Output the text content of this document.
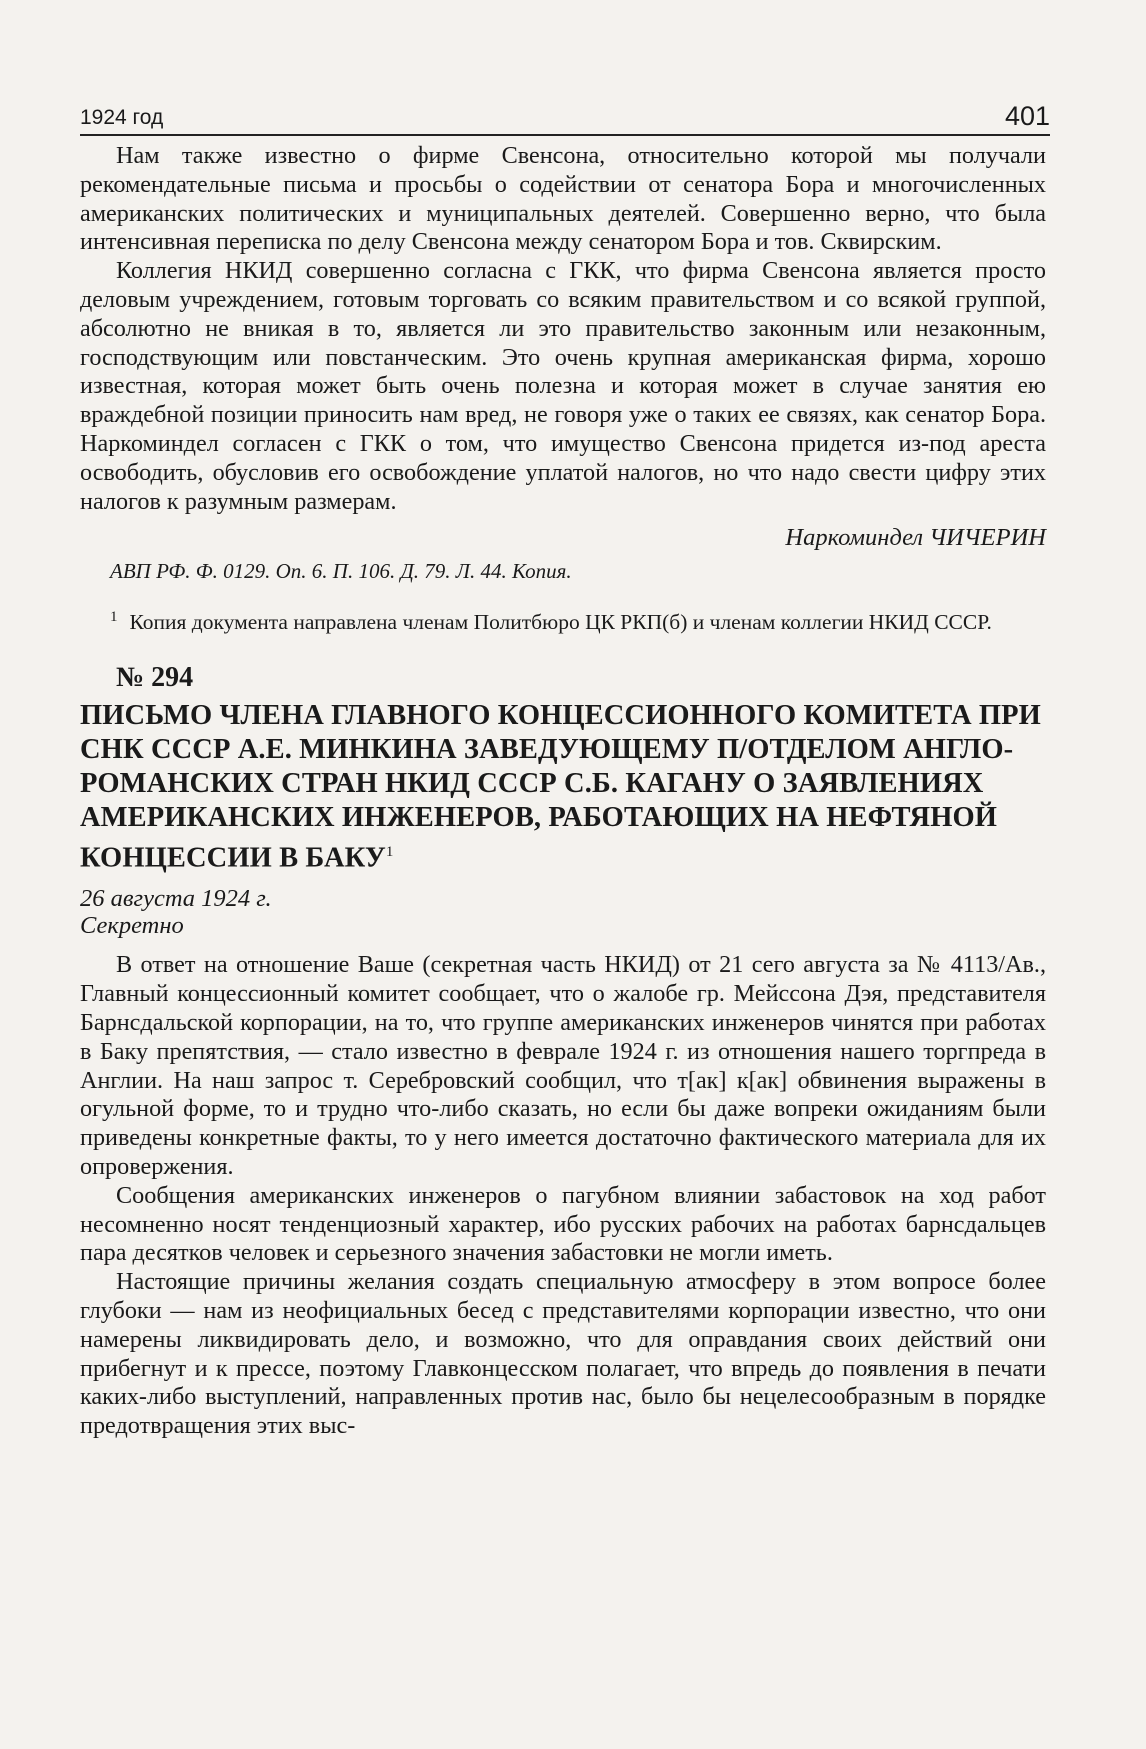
1924 год	401

Нам также известно о фирме Свенсона, относительно которой мы получали рекомендательные письма и просьбы о содействии от сенатора Бора и многочисленных американских политических и муниципальных деятелей. Совершенно верно, что была интенсивная переписка по делу Свенсона между сенатором Бора и тов. Сквирским.

Коллегия НКИД совершенно согласна с ГКК, что фирма Свенсона является просто деловым учреждением, готовым торговать со всяким правительством и со всякой группой, абсолютно не вникая в то, является ли это правительство законным или незаконным, господствующим или повстанческим. Это очень крупная американская фирма, хорошо известная, которая может быть очень полезна и которая может в случае занятия ею враждебной позиции приносить нам вред, не говоря уже о таких ее связях, как сенатор Бора. Наркоминдел согласен с ГКК о том, что имущество Свенсона придется из-под ареста освободить, обусловив его освобождение уплатой налогов, но что надо свести цифру этих налогов к разумным размерам.

Наркоминдел ЧИЧЕРИН
АВП РФ. Ф. 0129. Оп. 6. П. 106. Д. 79. Л. 44. Копия.
$^1$ Копия документа направлена членам Политбюро ЦК РКП(б) и членам коллегии НКИД СССР.
№ 294
ПИСЬМО ЧЛЕНА ГЛАВНОГО КОНЦЕССИОННОГО КОМИТЕТА ПРИ СНК СССР А.Е. МИНКИНА ЗАВЕДУЮЩЕМУ П/ОТДЕЛОМ АНГЛО-РОМАНСКИХ СТРАН НКИД СССР С.Б. КАГАНУ О ЗАЯВЛЕНИЯХ АМЕРИКАНСКИХ ИНЖЕНЕРОВ, РАБОТАЮЩИХ НА НЕФТЯНОЙ КОНЦЕССИИ В БАКУ$^1$
26 августа 1924 г.
Секретно

В ответ на отношение Ваше (секретная часть НКИД) от 21 сего августа за № 4113/Ав., Главный концессионный комитет сообщает, что о жалобе гр. Мейссона Дэя, представителя Барнсдальской корпорации, на то, что группе американских инженеров чинятся при работах в Баку препятствия, — стало известно в феврале 1924 г. из отношения нашего торгпреда в Англии. На наш запрос т. Серебровский сообщил, что т[ак] к[ак] обвинения выражены в огульной форме, то и трудно что-либо сказать, но если бы даже вопреки ожиданиям были приведены конкретные факты, то у него имеется достаточно фактического материала для их опровержения.

Сообщения американских инженеров о пагубном влиянии забастовок на ход работ несомненно носят тенденциозный характер, ибо русских рабочих на работах барнсдальцев пара десятков человек и серьезного значения забастовки не могли иметь.

Настоящие причины желания создать специальную атмосферу в этом вопросе более глубоки — нам из неофициальных бесед с представителями корпорации известно, что они намерены ликвидировать дело, и возможно, что для оправдания своих действий они прибегнут и к прессе, поэтому Главконцесском полагает, что впредь до появления в печати каких-либо выступлений, направленных против нас, было бы нецелесообразным в порядке предотвращения этих выс-
